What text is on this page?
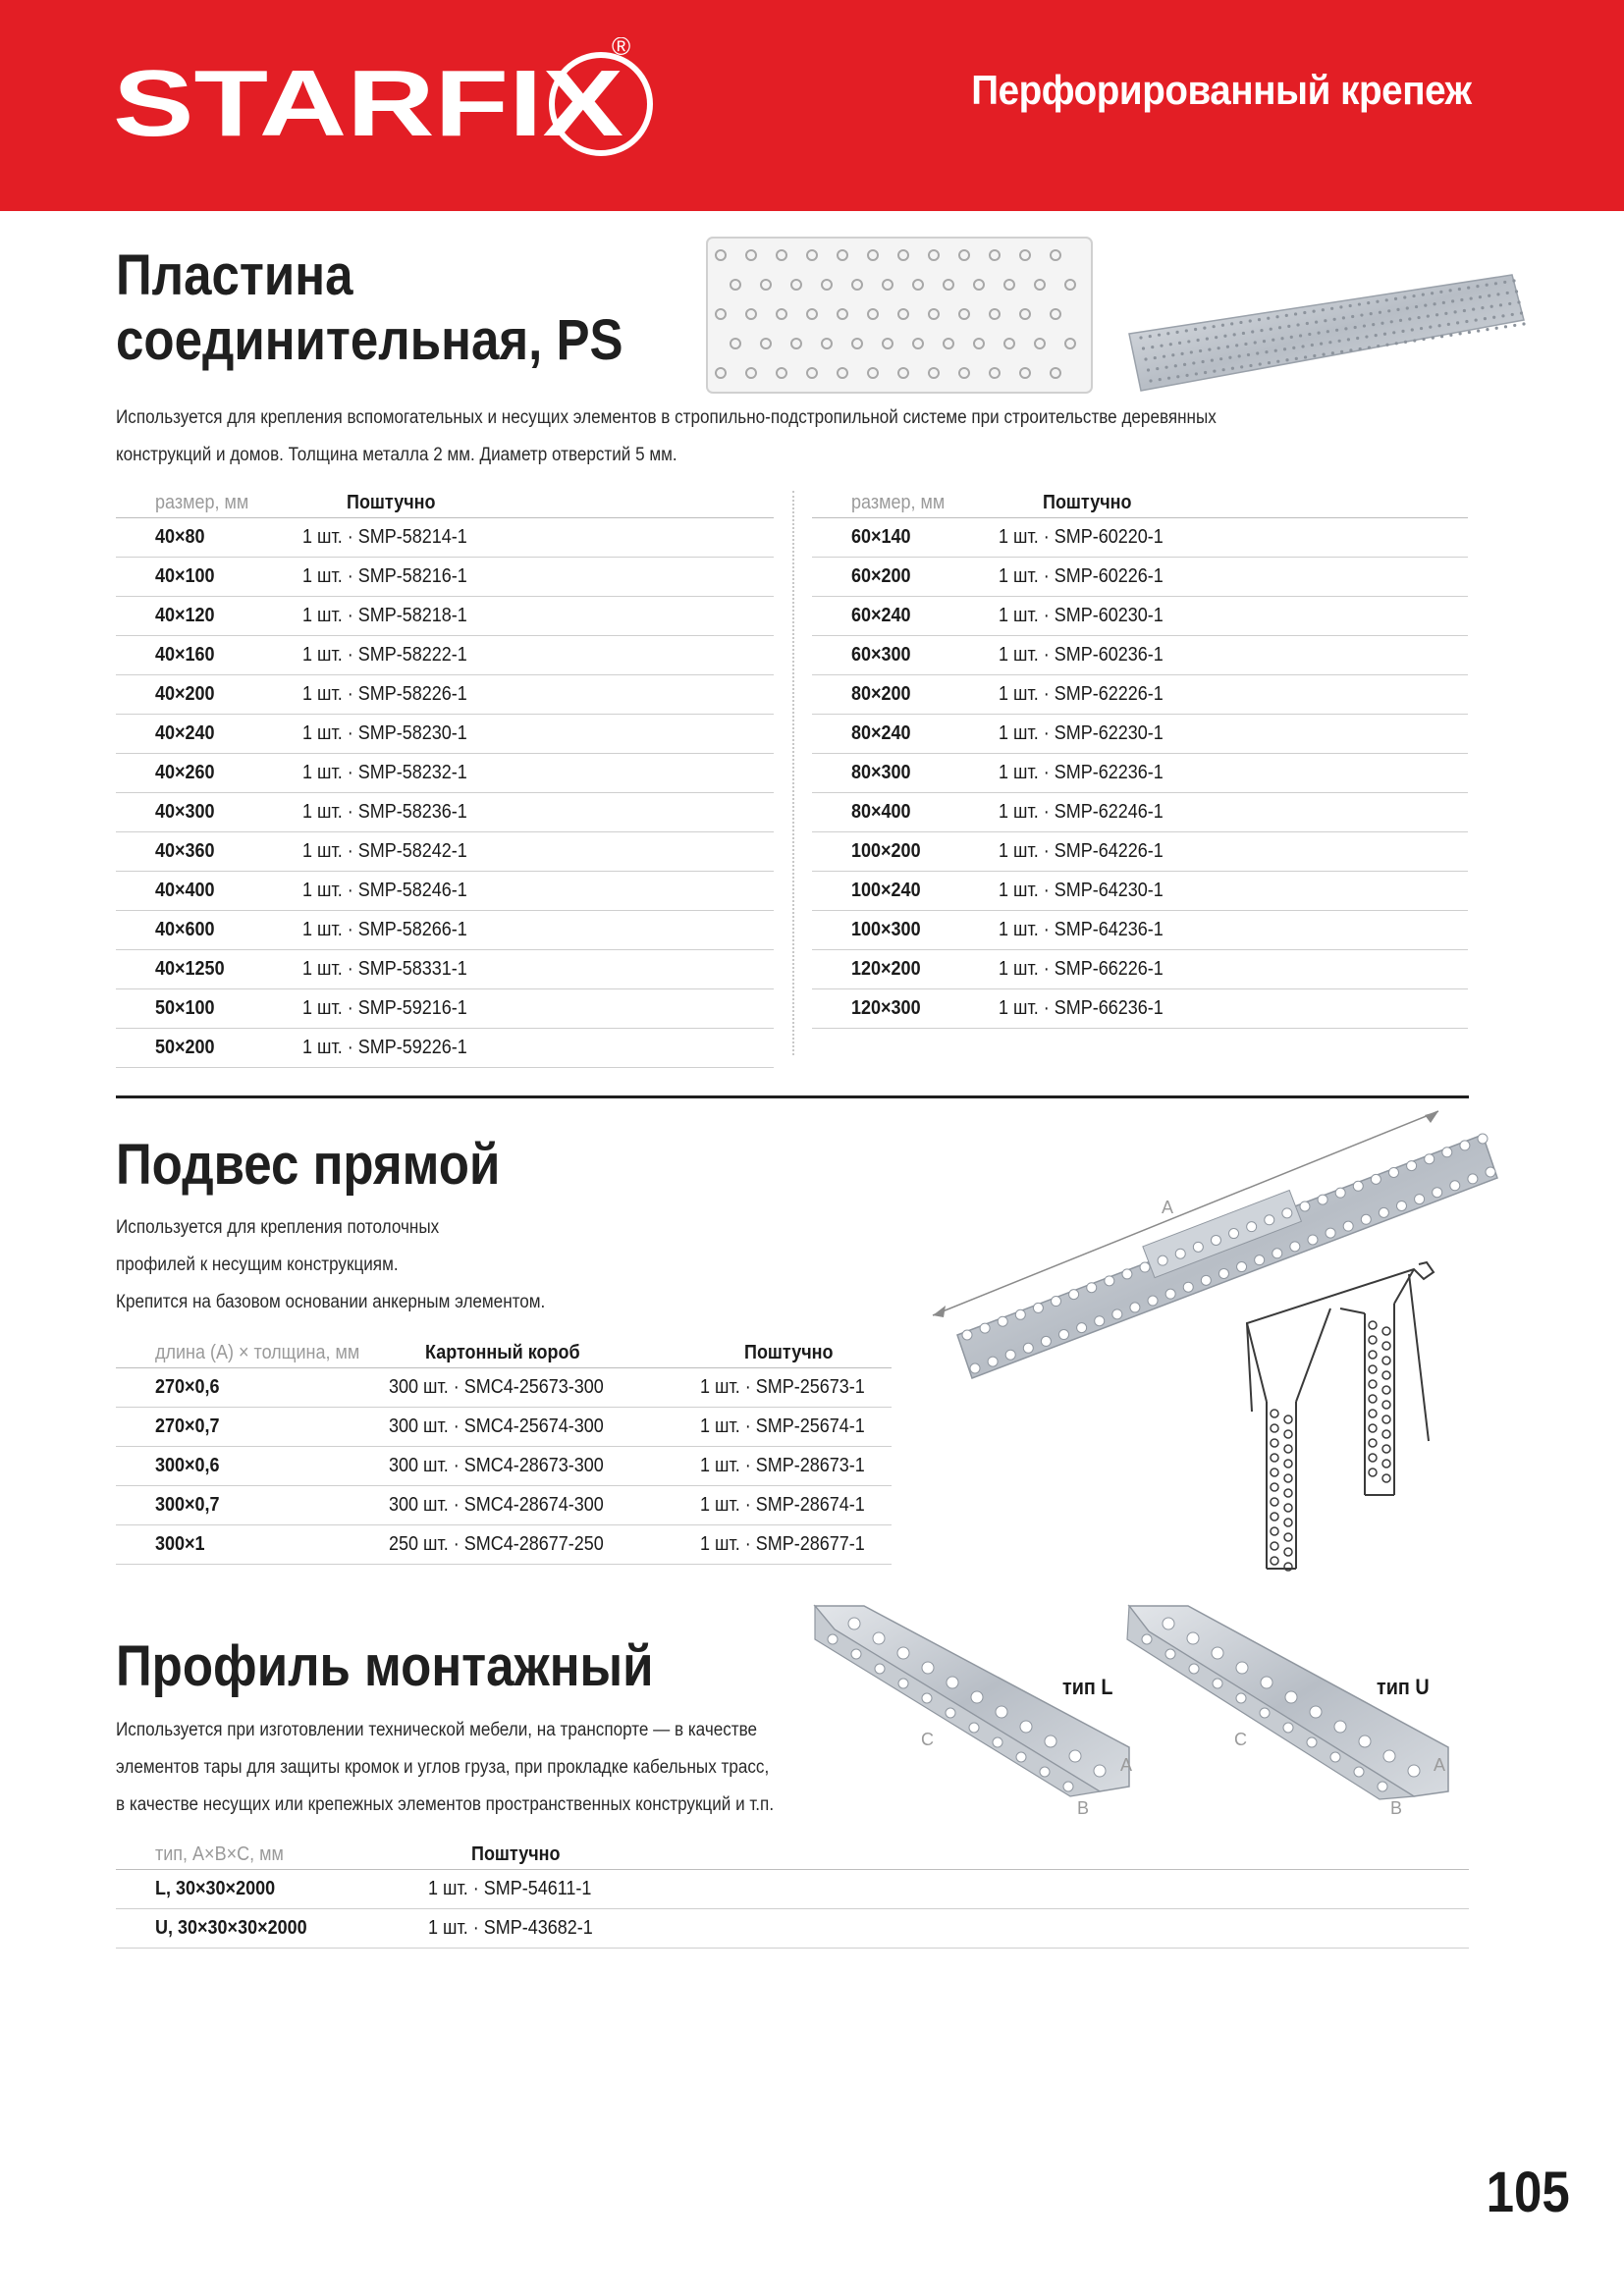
STARFIX
®
Перфорированный крепеж
Пластина
соединительная, PS
Используется для крепления вспомогательных и несущих элементов в стропильно-подстропильной системе при строительстве деревянных
конструкций и домов. Толщина металла 2 мм. Диаметр отверстий 5 мм.
размер, мм	Поштучно
40×80	1 шт. · SMP-58214-1
40×100	1 шт. · SMP-58216-1
40×120	1 шт. · SMP-58218-1
40×160	1 шт. · SMP-58222-1
40×200	1 шт. · SMP-58226-1
40×240	1 шт. · SMP-58230-1
40×260	1 шт. · SMP-58232-1
40×300	1 шт. · SMP-58236-1
40×360	1 шт. · SMP-58242-1
40×400	1 шт. · SMP-58246-1
40×600	1 шт. · SMP-58266-1
40×1250	1 шт. · SMP-58331-1
50×100	1 шт. · SMP-59216-1
50×200	1 шт. · SMP-59226-1
размер, мм	Поштучно
60×140	1 шт. · SMP-60220-1
60×200	1 шт. · SMP-60226-1
60×240	1 шт. · SMP-60230-1
60×300	1 шт. · SMP-60236-1
80×200	1 шт. · SMP-62226-1
80×240	1 шт. · SMP-62230-1
80×300	1 шт. · SMP-62236-1
80×400	1 шт. · SMP-62246-1
100×200	1 шт. · SMP-64226-1
100×240	1 шт. · SMP-64230-1
100×300	1 шт. · SMP-64236-1
120×200	1 шт. · SMP-66226-1
120×300	1 шт. · SMP-66236-1
Подвес прямой
Используется для крепления потолочных
профилей к несущим конструкциям.
Крепится на базовом основании анкерным элементом.
A
длина (А) × толщина, мм	Картонный короб	Поштучно
270×0,6	300 шт. · SMC4-25673-300	1 шт. · SMP-25673-1
270×0,7	300 шт. · SMC4-25674-300	1 шт. · SMP-25674-1
300×0,6	300 шт. · SMC4-28673-300	1 шт. · SMP-28673-1
300×0,7	300 шт. · SMC4-28674-300	1 шт. · SMP-28674-1
300×1	250 шт. · SMC4-28677-250	1 шт. · SMP-28677-1
Профиль монтажный	тип L
C
A
B
тип U
C
A
B
Используется при изготовлении технической мебели, на транспорте — в качестве
элементов тары для защиты кромок и углов груза, при прокладке кабельных трасс,
в качестве несущих или крепежных элементов пространственных конструкций и т.п.
тип, A×B×C, мм	Поштучно
L, 30×30×2000	1 шт. · SMP-54611-1
U, 30×30×30×2000	1 шт. · SMP-43682-1
105
